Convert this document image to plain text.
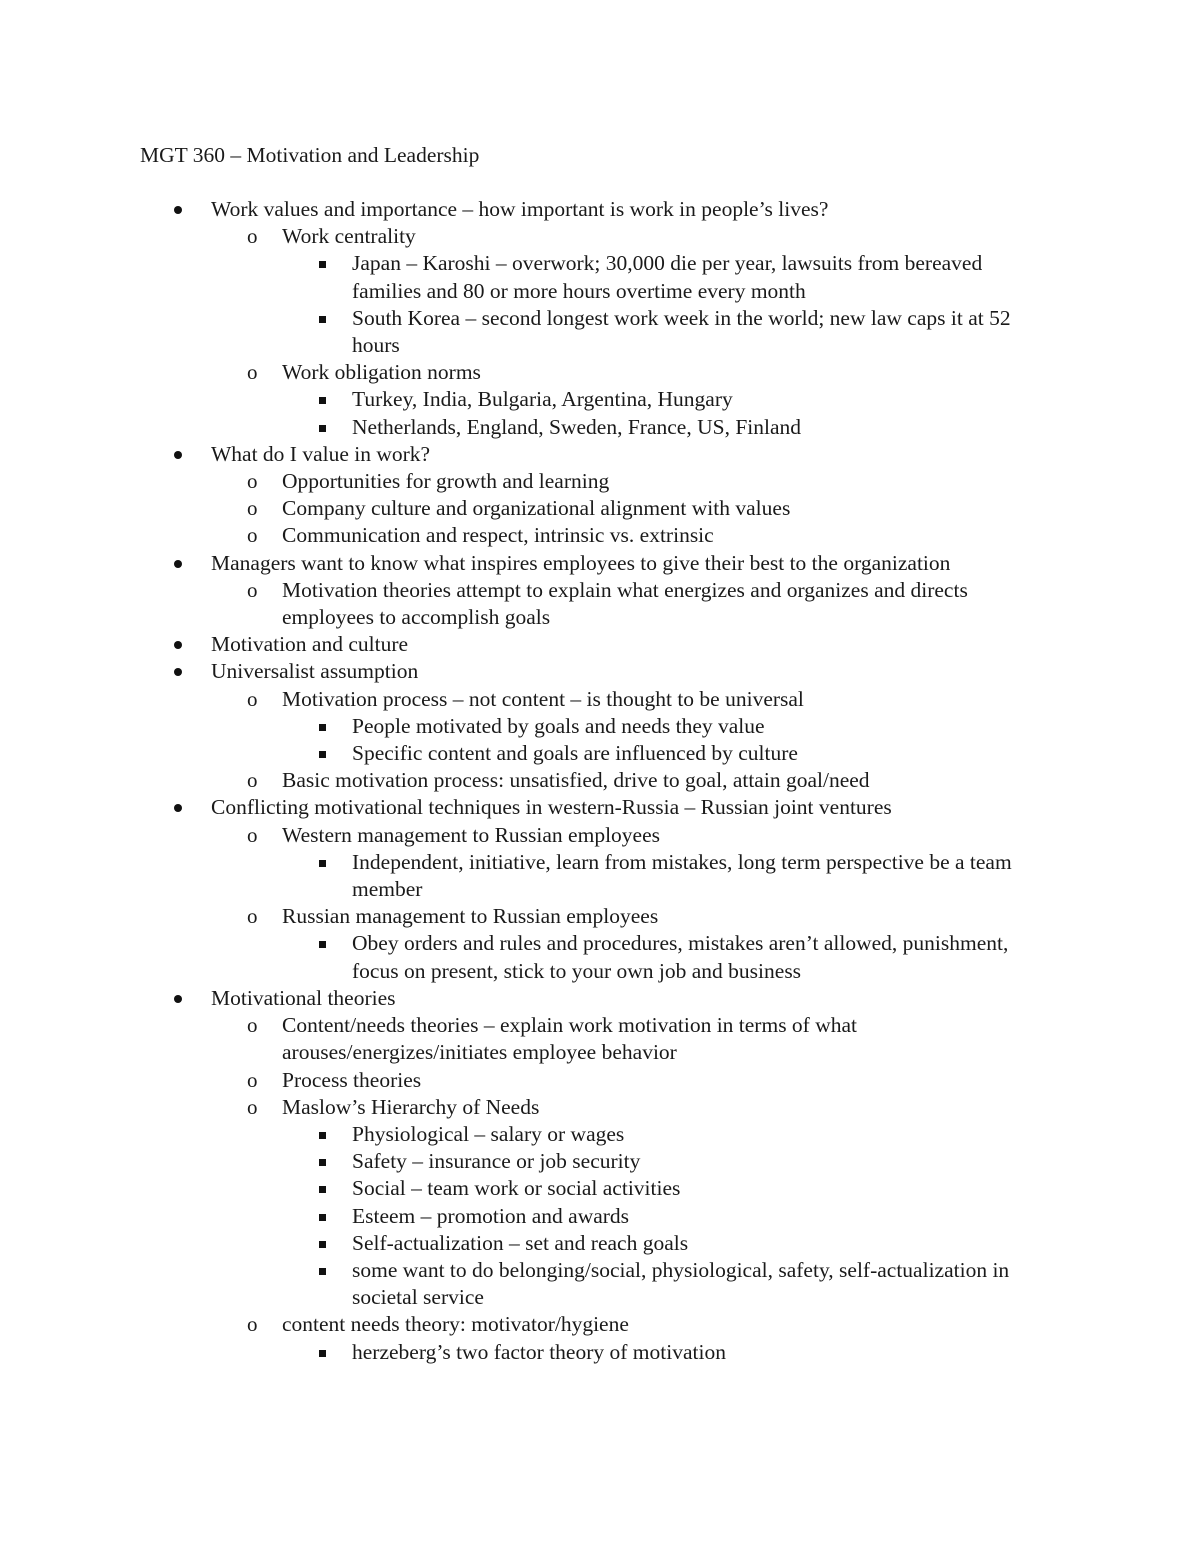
MGT 360 – Motivation and Leadership
Work values and importance – how important is work in people’s lives?
o Work centrality
Japan – Karoshi – overwork; 30,000 die per year, lawsuits from bereaved families and 80 or more hours overtime every month
South Korea – second longest work week in the world; new law caps it at 52 hours
o Work obligation norms
Turkey, India, Bulgaria, Argentina, Hungary
Netherlands, England, Sweden, France, US, Finland
What do I value in work?
o Opportunities for growth and learning
o Company culture and organizational alignment with values
o Communication and respect, intrinsic vs. extrinsic
Managers want to know what inspires employees to give their best to the organization
o Motivation theories attempt to explain what energizes and organizes and directs employees to accomplish goals
Motivation and culture
Universalist assumption
o Motivation process – not content – is thought to be universal
People motivated by goals and needs they value
Specific content and goals are influenced by culture
o Basic motivation process: unsatisfied, drive to goal, attain goal/need
Conflicting motivational techniques in western-Russia – Russian joint ventures
o Western management to Russian employees
Independent, initiative, learn from mistakes, long term perspective be a team member
o Russian management to Russian employees
Obey orders and rules and procedures, mistakes aren’t allowed, punishment, focus on present, stick to your own job and business
Motivational theories
o Content/needs theories – explain work motivation in terms of what arouses/energizes/initiates employee behavior
o Process theories
o Maslow’s Hierarchy of Needs
Physiological – salary or wages
Safety – insurance or job security
Social – team work or social activities
Esteem – promotion and awards
Self-actualization – set and reach goals
some want to do belonging/social, physiological, safety, self-actualization in societal service
o content needs theory: motivator/hygiene
herzeberg’s two factor theory of motivation
